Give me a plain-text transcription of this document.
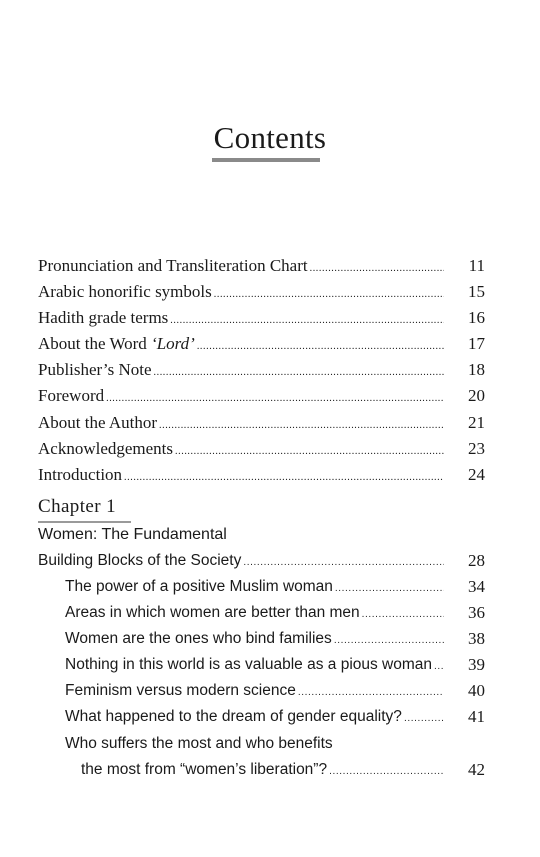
Contents
Pronunciation and Transliteration Chart .....	11
Arabic honorific symbols .....	15
Hadith grade terms .....	16
About the Word ‘Lord’ .....	17
Publisher’s Note .....	18
Foreword .....	20
About the Author .....	21
Acknowledgements .....	23
Introduction .....	24
Chapter 1
Women: The Fundamental
Building Blocks of the Society .....	28
The power of a positive Muslim woman .....	34
Areas in which women are better than men .....	36
Women are the ones who bind families .....	38
Nothing in this world is as valuable as a pious woman .....	39
Feminism versus modern science .....	40
What happened to the dream of gender equality? .....	41
Who suffers the most and who benefits
the most from “women’s liberation”? .....	42
